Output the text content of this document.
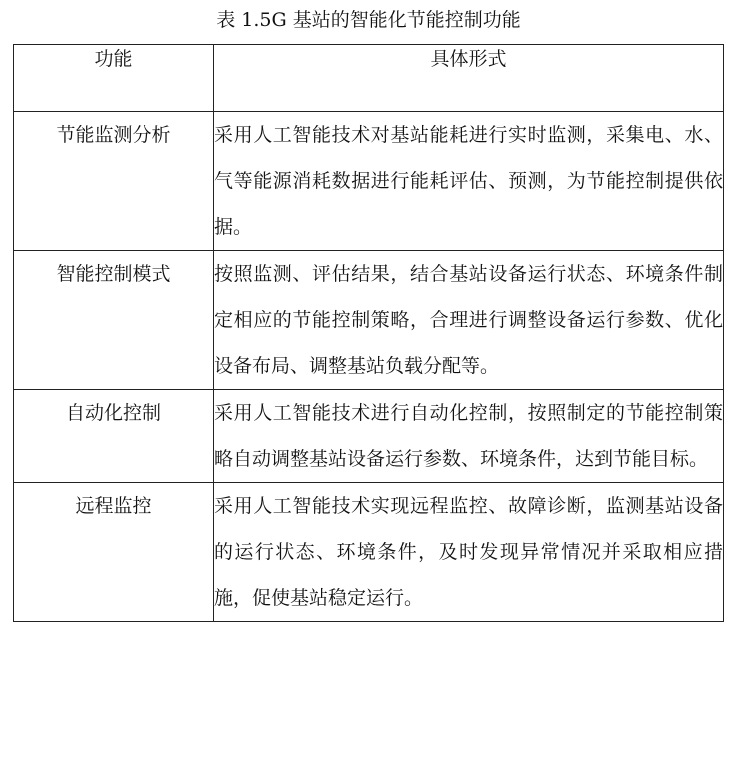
表 1.5G 基站的智能化节能控制功能
功能	具体形式
节能监测分析	采用人工智能技术对基站能耗进行实时监测，采集电、水、气等能源消耗数据进行能耗评估、预测，为节能控制提供依据。
智能控制模式	按照监测、评估结果，结合基站设备运行状态、环境条件制定相应的节能控制策略，合理进行调整设备运行参数、优化设备布局、调整基站负载分配等。
自动化控制	采用人工智能技术进行自动化控制，按照制定的节能控制策略自动调整基站设备运行参数、环境条件，达到节能目标。
远程监控	采用人工智能技术实现远程监控、故障诊断，监测基站设备的运行状态、环境条件，及时发现异常情况并采取相应措施，促使基站稳定运行。
